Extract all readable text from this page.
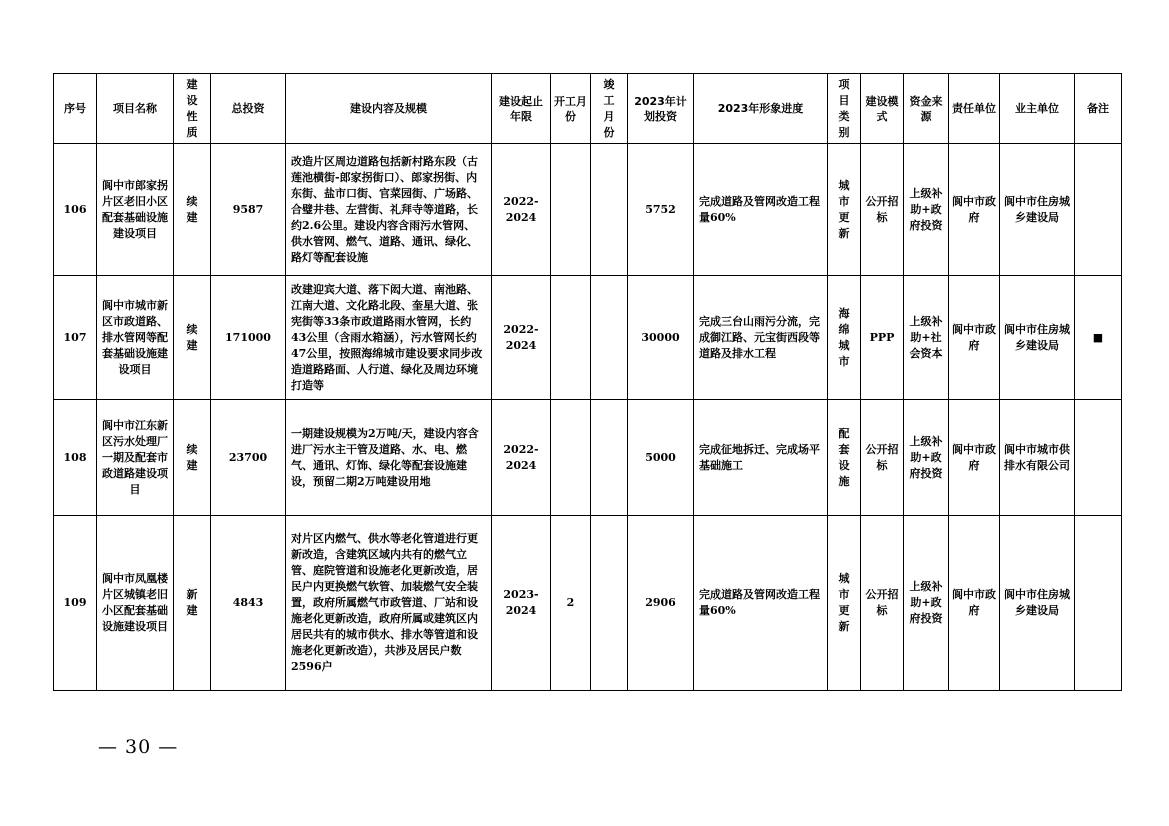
序号	项目名称	建设性质	总投资	建设内容及规模	建设起止年限	开工月份	竣工月份	2023年计划投资	2023年形象进度	项目类别	建设模式	资金来源	责任单位	业主单位	备注
106	阆中市郎家拐片区老旧小区配套基础设施建设项目	续建	9587	改造片区周边道路包括新村路东段（古莲池横街-郎家拐街口）、郎家拐街、内东街、盐市口街、官菜园街、广场路、合璧井巷、左营街、礼拜寺等道路，长约2.6公里。建设内容含雨污水管网、供水管网、燃气、道路、通讯、绿化、路灯等配套设施	2022-2024			5752	完成道路及管网改造工程量60%	城市更新	公开招标	上级补助+政府投资	阆中市政府	阆中市住房城乡建设局	
107	阆中市城市新区市政道路、排水管网等配套基础设施建设项目	续建	171000	改建迎宾大道、落下闳大道、南池路、江南大道、文化路北段、奎星大道、张宪街等33条市政道路雨水管网，长约43公里（含雨水箱涵），污水管网长约47公里，按照海绵城市建设要求同步改造道路路面、人行道、绿化及周边环境打造等	2022-2024			30000	完成三台山雨污分流，完成御江路、元宝街西段等道路及排水工程	海绵城市	PPP	上级补助+社会资本	阆中市政府	阆中市住房城乡建设局	■
108	阆中市江东新区污水处理厂一期及配套市政道路建设项目	续建	23700	一期建设规模为2万吨/天，建设内容含进厂污水主干管及道路、水、电、燃气、通讯、灯饰、绿化等配套设施建设，预留二期2万吨建设用地	2022-2024			5000	完成征地拆迁、完成场平基础施工	配套设施	公开招标	上级补助+政府投资	阆中市政府	阆中市城市供排水有限公司	
109	阆中市凤凰楼片区城镇老旧小区配套基础设施建设项目	新建	4843	对片区内燃气、供水等老化管道进行更新改造，含建筑区域内共有的燃气立管、庭院管道和设施老化更新改造，居民户内更换燃气软管、加装燃气安全装置，政府所属燃气市政管道、厂站和设施老化更新改造，政府所属或建筑区内居民共有的城市供水、排水等管道和设施老化更新改造），共涉及居民户数2596户	2023-2024	2		2906	完成道路及管网改造工程量60%	城市更新	公开招标	上级补助+政府投资	阆中市政府	阆中市住房城乡建设局	
— 30 —
